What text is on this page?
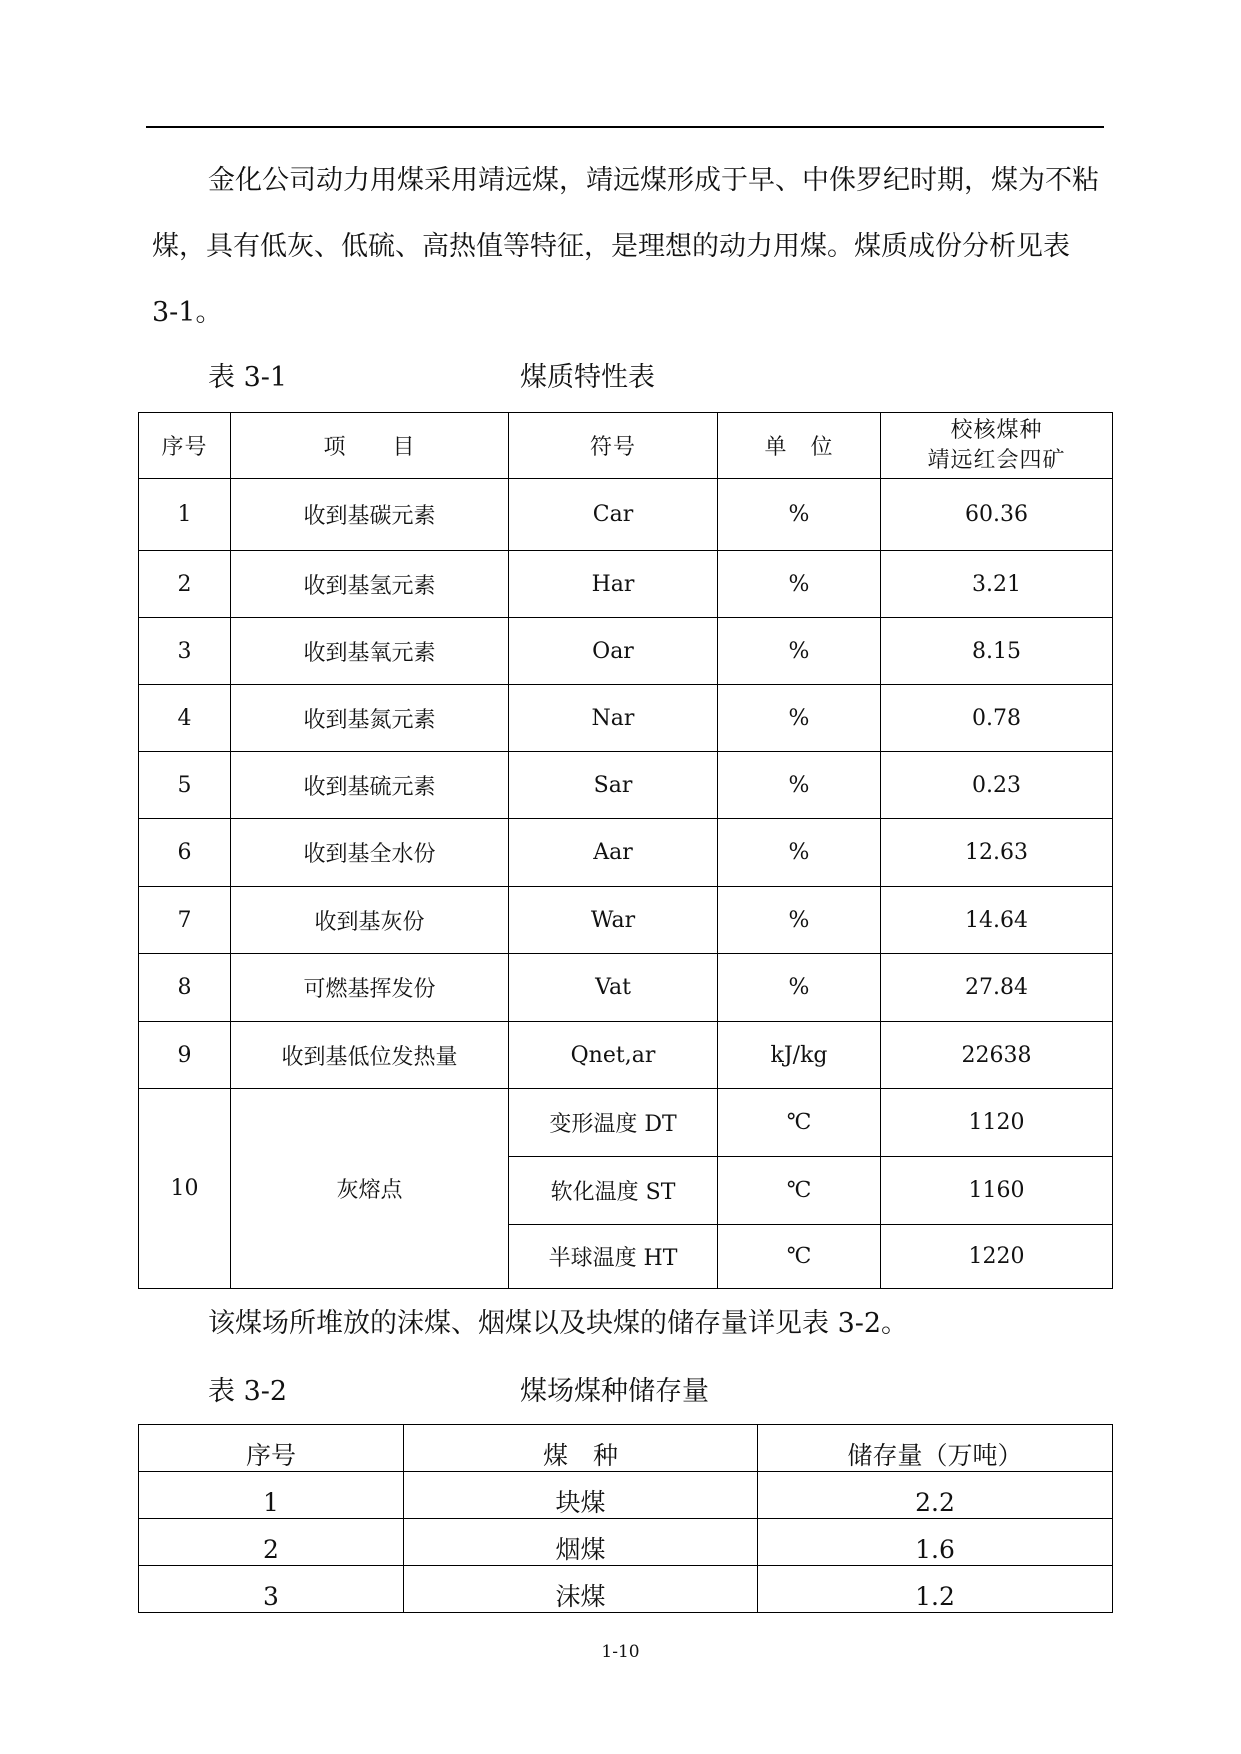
金化公司动力用煤采用靖远煤，靖远煤形成于早、中侏罗纪时期，煤为不粘煤，具有低灰、低硫、高热值等特征，是理想的动力用煤。煤质成份分析见表 3-1。

表 3-1	煤质特性表
序号	项　　目	符号	单　位	校核煤种
靖远红会四矿

1	收到基碳元素	Car	%	60.36
2	收到基氢元素	Har	%	3.21
3	收到基氧元素	Oar	%	8.15
4	收到基氮元素	Nar	%	0.78
5	收到基硫元素	Sar	%	0.23
6	收到基全水份	Aar	%	12.63
7	收到基灰份	War	%	14.64
8	可燃基挥发份	Vat	%	27.84
9	收到基低位发热量	Qnet,ar	kJ/kg	22638
10	灰熔点	变形温度 DT	℃	1120
		软化温度 ST	℃	1160
		半球温度 HT	℃	1220

该煤场所堆放的沫煤、烟煤以及块煤的储存量详见表 3-2。

表 3-2	煤场煤种储存量
序号	煤　种	储存量（万吨）
1	块煤	2.2
2	烟煤	1.6
3	沫煤	1.2
1-10
